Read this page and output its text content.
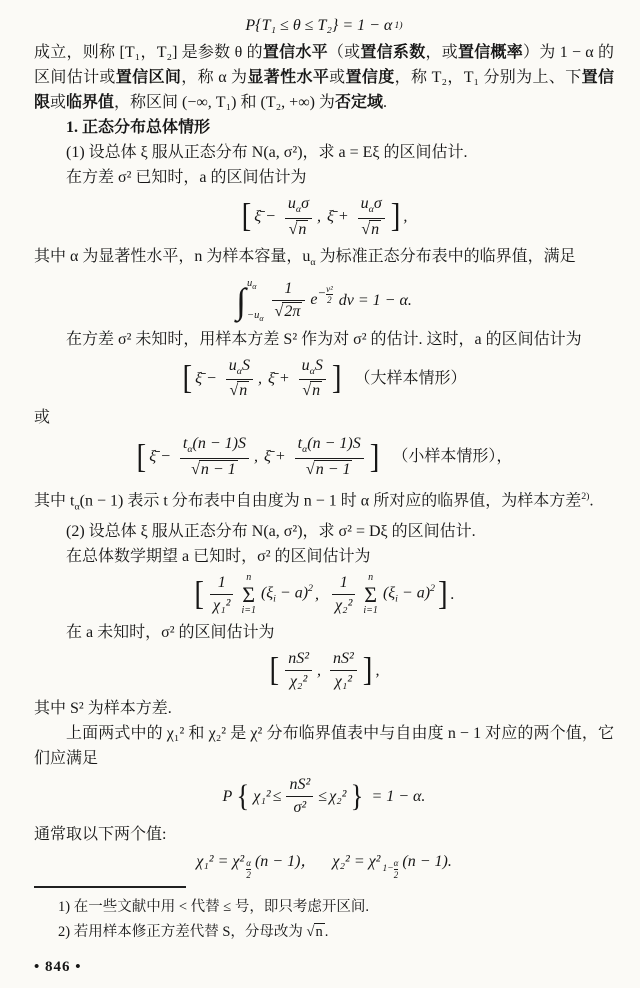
P{T₁ ≤ θ ≤ T₂} = 1 − α 1)

成立，则称 [T₁，T₂] 是参数 θ 的置信水平（或置信系数，或置信概率）为 1 − α 的区间估计或置信区间，称 α 为显著性水平或置信度，称 T₂，T₁ 分别为上、下置信限或临界值，称区间 (−∞, T₁) 和 (T₂, +∞) 为否定域.

1. 正态分布总体情形

(1) 设总体 ξ 服从正态分布 N(a, σ²)，求 a = Eξ 的区间估计.

在方差 σ² 已知时，a 的区间估计为

[ ξ̄ − $\frac{u_\alpha\sigma}{√ n}$ , ξ̄ + $\frac{u_\alpha\sigma}{√ n}$ ] ,

其中 α 为显著性水平，n 为样本容量，$u_\alpha$ 为标准正态分布表中的临界值，满足

∫ $u_\alpha$
$-u_\alpha \frac{1}{√ 2\pi} e^{- \frac{\text{v²}}{2}}$ dv = 1 − α.

在方差 σ² 未知时，用样本方差 S² 作为对 σ² 的估计. 这时，a 的区间估计为

[ ξ̄ − $\frac{u_\alpha S}{√ n}$ , ξ̄ + $\frac{u_\alpha S}{√ n}$ ] （大样本情形）

或

[ ξ̄ − $\frac{t_\alpha(n - 1)S}{√ n - 1}$ , ξ̄ + $\frac{t_\alpha(n - 1)S}{√ n - 1}$ ] （小样本情形），

其中 $t_\alpha(n - 1)$ 表示 t 分布表中自由度为 n − 1 时 α 所对应的临界值，为样本方差$^{2)}$.

(2) 设总体 ξ 服从正态分布 N(a, σ²)，求 σ² = Dξ 的区间估计.

在总体数学期望 a 已知时，σ² 的区间估计为

[ $\frac{1}{\text{χ₁²}}$ n
Σ
i=1
$(\xi_i - a)^2$ , $\frac{1}{\text{χ₂²}}$ n
Σ
i=1
$(\xi_i - a)^2$ ] .

在 a 未知时，σ² 的区间估计为

[ $\frac{\text{nS²}}{\text{χ₂²}}$ , $\frac{\text{nS²}}{\text{χ₁²}}$ ] ,

其中 S² 为样本方差.

上面两式中的 χ₁² 和 χ₂² 是 χ² 分布临界值表中与自由度 n − 1 对应的两个值，它们应满足

P { $\chi_1^2 \le \frac{\text{nS²}}{\text{σ²}} \le \chi_2^2$ } = 1 − α.

通常取以下两个值:

χ₁² = χ² α
2
(n − 1)， χ₂² = χ² $1- \frac{\alpha}{2} (n - 1)$.

1) 在一些文献中用 < 代替 ≤ 号，即只考虑开区间.

2) 若用样本修正方差代替 S，分母改为 √ n .

• 846 •
